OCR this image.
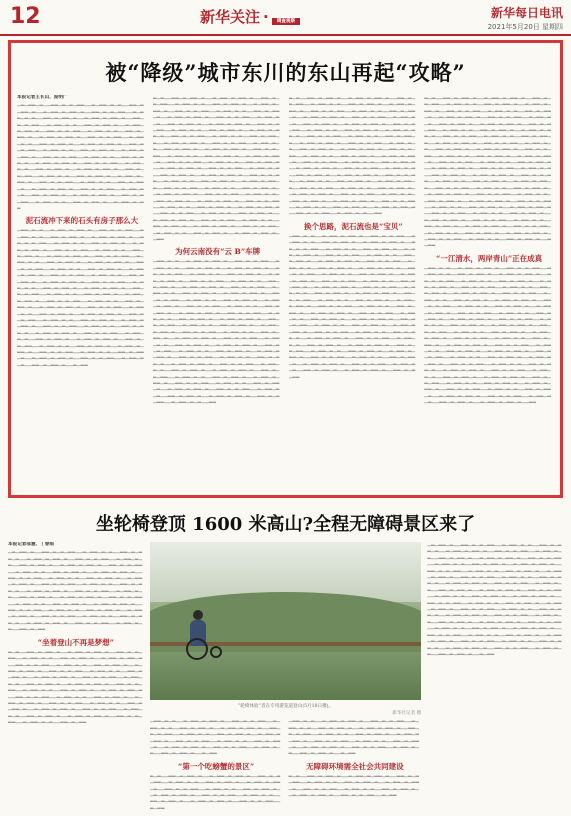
12	新华关注 · 调查观察
新华每日电讯
2021年5月20日 星期四
被“降级”城市东川的东山再起“攻略”

本报记者王长山、庞明广

▁▂▁▂▂▁▂▁▁▂▂▁▂▁▂▁▂▂▁▁▂▁▂▂▁▂▁▂▁▁▂▂▁▂▁▂▂▁▂▁▁▂▁▂▂▁▂▁▂▂▁▂▁▁▂▂▁▂▁▂▁▂▂▁▁▂▁▂▂▁▂▁▂▁▁▂▂▁▂▁▂▂▁▂▁▁▂▁▂▂▁▂▁▂▂▁▂▁▁▂▂▁▂▁▂▁▂▂▁▁▂▁▂▂▁▂▁▂▁▁▂▂▁▂▁▂▂▁▂▁▁▂▁▂▂▁▂▁▂▂▁▂▁▁▂▂▁▂▁▂▁▂▂▁▁▂▁▂▂▁▂▁▂▁▁▂▂▁▂▁▂▂▁▂▁▁▂▁▂▂▁▂▁▂▂▁▂▁▁▂▂▁▂▁▂▁▂▂▁▁▂▁▂▂▁▂▁▂▁▁▂▂▁▂▁▂▂▁▂▁▁▂▁▂▂▁▂▁▂▂▁▂▁▁▂▂▁▂▁▂▁▂▂▁▁▂▁▂▂▁▂▁▂▁▁▂▂▁▂▁▂▂▁▂▁▁▂▁▂▂▁▂▁▂▂▁▂▁▁▂▂▁▂▁▂▁▂▂▁▁▂▁▂▂▁▂▁▂▁▁▂▂▁▂▁▂▂▁▂▁▁▂▁▂▂▁▂▁▂▂▁▂▁▁▂▂▁▂▁▂▁▂▂▁▁▂▁▂▂▁▂▁▂▁▁▂▂▁▂▁▂▂▁▂▁▁▂▁▂▂▁▂▁▂▂▁▂▁▁▂▂▁▂▁▂▁▂▂▁▁▂▁▂▂▁▂▁▂▁▁▂▂▁▂▁▂▂▁▂▁▁▂▁▂▂▁▂▁▂▂▁▂▁▁▂▂▁▂▁▂▁▂▂▁▁▂▁▂▂▁▂▁▂▁▁▂▂▁▂▁▂▂▁▂▁▁▂▁▂▂▁▂▁▂▂▁▂▁▁▂▂▁▂▁▂▁▂▂▁▁▂▁▂▂▁▂▁▂▁▁▂▂▁▂▁▂▂▁▂▁▁▂▁▂▂▁▂▁▂▂▁▂▁▁▂▂▁▂▁▂▁▂▂▁▁▂▁▂▂▁▂▁▂▁▁▂▂▁▂▁▂▂▁▂▁▁▂▁▂▂▁▂▁▂▂

泥石流冲下来的石头有房子那么大

▁▂▂▁▂▁▂▁▁▂▁▂▂▁▂▁▂▂▁▂▁▁▂▂▁▂▁▂▁▂▂▁▁▂▁▂▂▁▂▁▂▁▁▂▂▁▂▁▂▂▁▂▁▁▂▁▂▂▁▂▁▂▂▁▂▁▁▂▂▁▂▁▂▁▂▂▁▁▂▁▂▂▁▂▁▂▁▁▂▂▁▂▁▂▂▁▂▁▁▂▁▂▂▁▂▁▂▂▁▂▁▁▂▂▁▂▁▂▁▂▂▁▁▂▁▂▂▁▂▁▂▁▁▂▂▁▂▁▂▂▁▂▁▁▂▁▂▂▁▂▁▂▂▁▂▁▁▂▂▁▂▁▂▁▂▂▁▁▂▁▂▂▁▂▁▂▁▁▂▂▁▂▁▂▂▁▂▁▁▂▁▂▂▁▂▁▂▂▁▂▁▁▂▂▁▂▁▂▁▂▂▁▁▂▁▂▂▁▂▁▂▁▁▂▂▁▂▁▂▂▁▂▁▁▂▁▂▂▁▂▁▂▂▁▂▁▁▂▂▁▂▁▂▁▂▂▁▁▂▁▂▂▁▂▁▂▁▁▂▂▁▂▁▂▂▁▂▁▁▂▁▂▂▁▂▁▂▂▁▂▁▁▂▂▁▂▁▂▁▂▂▁▁▂▁▂▂▁▂▁▂▁▁▂▂▁▂▁▂▂▁▂▁▁▂▁▂▂▁▂▁▂▂▁▂▁▁▂▂▁▂▁▂▁▂▂▁▁▂▁▂▂▁▂▁▂▁▁▂▂▁▂▁▂▂▁▂▁▁▂▁▂▂▁▂▁▂▂▁▂▁▁▂▂▁▂▁▂▁▂▂▁▁▂▁▂▂▁▂▁▂▁▁▂▂▁▂▁▂▂▁▂▁▁▂▁▂▂▁▂▁▂▂▁▂▁▁▂▂▁▂▁▂▁▂▂▁▁▂▁▂▂▁▂▁▂▁▁▂▂▁▂▁▂▂▁▂▁▁▂▁▂▂▁▂▁▂▂▁▂▁▁▂▂▁▂▁▂▁▂▂▁▁▂▁▂▂▁▂▁▂▁▁▂▂▁▂▁▂▂▁▂▁▁▂▁▂▂▁▂▁▂▂▁▂▁▁▂▂▁▂▁▂▁▂▂▁▁▂▁▂▂▁▂▁▂▁▁▂▂▁▂▁▂▂▁▂▁▁▂▁▂▂▁▂▁▂▂▁▂▁▁▂▂▁▂▁▂▁▂▂▁▁▂▁▂▂▁▂▁▂▁▁▂▂▁▂▁▂▂▁▂▁▁▂▁▂▂▁▂▁▂▂▁▂▁▁▂▂▁▂▁▂▁▂▂▁▁▂▁▂▂▁▂▁▂▁▁▂▂▁▂▁▂▂▁▂▁▁▂▁▂▂▁▂▁▂▂▁▂▁▁▂▂▁▂▁▂▁▂▂▁▁▂▁▂▂▁▂▁▂▁▁▂▂▁▂▁▂▂▁▂▁▁▂▁▂▂▁▂▁▂▂▁▂▁▁▂▂▁▂▁▂▁▂▂▁▁▂▁▂▂▁▂▁▂▁▁▂▂▁▂▁▂▂▁▂▁▁▂▁▂▂

▂▁▂▁▁▂▂▁▂▁▂▂▁▂▁▁▂▁▂▂▁▂▁▂▂▁▂▁▁▂▂▁▂▁▂▁▂▂▁▁▂▁▂▂▁▂▁▂▁▁▂▂▁▂▁▂▂▁▂▁▁▂▁▂▂▁▂▁▂▂▁▂▁▁▂▂▁▂▁▂▁▂▂▁▁▂▁▂▂▁▂▁▂▁▁▂▂▁▂▁▂▂▁▂▁▁▂▁▂▂▁▂▁▂▂▁▂▁▁▂▂▁▂▁▂▁▂▂▁▁▂▁▂▂▁▂▁▂▁▁▂▂▁▂▁▂▂▁▂▁▁▂▁▂▂▁▂▁▂▂▁▂▁▁▂▂▁▂▁▂▁▂▂▁▁▂▁▂▂▁▂▁▂▁▁▂▂▁▂▁▂▂▁▂▁▁▂▁▂▂▁▂▁▂▂▁▂▁▁▂▂▁▂▁▂▁▂▂▁▁▂▁▂▂▁▂▁▂▁▁▂▂▁▂▁▂▂▁▂▁▁▂▁▂▂▁▂▁▂▂▁▂▁▁▂▂▁▂▁▂▁▂▂▁▁▂▁▂▂▁▂▁▂▁▁▂▂▁▂▁▂▂▁▂▁▁▂▁▂▂▁▂▁▂▂▁▂▁▁▂▂▁▂▁▂▁▂▂▁▁▂▁▂▂▁▂▁▂▁▁▂▂▁▂▁▂▂▁▂▁▁▂▁▂▂▁▂▁▂▂▁▂▁▁▂▂▁▂▁▂▁▂▂▁▁▂▁▂▂▁▂▁▂▁▁▂▂▁▂▁▂▂▁▂▁▁▂▁▂▂▁▂▁▂▂▁▂▁▁▂▂▁▂▁▂▁▂▂▁▁▂▁▂▂▁▂▁▂▁▁▂▂▁▂▁▂▂▁▂▁▁▂▁▂▂▁▂▁▂▂▁▂▁▁▂▂▁▂▁▂▁▂▂▁▁▂▁▂▂▁▂▁▂▁▁▂▂▁▂▁▂▂▁▂▁▁▂▁▂▂▁▂▁▂▂▁▂▁▁▂▂▁▂▁▂▁▂▂▁▁▂▁▂▂▁▂▁▂▁▁▂▂▁▂▁▂▂▁▂▁▁▂▁▂▂▁▂▁▂▂▁▂▁▁▂▂▁▂▁▂▁▂▂▁▁▂▁▂▂▁▂▁▂▁▁▂▂▁▂▁▂▂▁▂▁▁▂▁▂▂▁▂▁▂▂▁▂▁▁▂▂▁▂▁▂▁▂▂▁▁▂▁▂▂▁▂▁▂▁▁▂▂▁▂▁▂▂▁▂▁▁▂▁▂▂▁▂▁▂▂▁▂▁▁▂▂▁▂▁▂▁▂▂▁▁▂▁▂▂▁▂▁▂▁▁▂▂▁▂▁▂▂▁▂▁▁▂▁▂▂▁▂▁▂▂▁▂▁▁▂▂▁▂▁▂▁▂▂▁▁▂▁▂▂▁▂▁▂▁▁▂▂▁▂▁▂▂▁▂▁▁▂▁▂▂▁▂▁▂▂▁▂▁▁▂▂▁▂▁▂▁▂▂▁▁▂▁▂▂▁▂▁▂▁▁▂▂▁▂▁▂▂▁▂▁▁▂▁▂▂▁▂▁▂▂▁▂▁▁▂▂

为何云南没有“云 B”车牌

▁▂▂▁▂▁▂▁▁▂▁▂▂▁▂▁▂▂▁▂▁▁▂▂▁▂▁▂▁▂▂▁▁▂▁▂▂▁▂▁▂▁▁▂▂▁▂▁▂▂▁▂▁▁▂▁▂▂▁▂▁▂▂▁▂▁▁▂▂▁▂▁▂▁▂▂▁▁▂▁▂▂▁▂▁▂▁▁▂▂▁▂▁▂▂▁▂▁▁▂▁▂▂▁▂▁▂▂▁▂▁▁▂▂▁▂▁▂▁▂▂▁▁▂▁▂▂▁▂▁▂▁▁▂▂▁▂▁▂▂▁▂▁▁▂▁▂▂▁▂▁▂▂▁▂▁▁▂▂▁▂▁▂▁▂▂▁▁▂▁▂▂▁▂▁▂▁▁▂▂▁▂▁▂▂▁▂▁▁▂▁▂▂▁▂▁▂▂▁▂▁▁▂▂▁▂▁▂▁▂▂▁▁▂▁▂▂▁▂▁▂▁▁▂▂▁▂▁▂▂▁▂▁▁▂▁▂▂▁▂▁▂▂▁▂▁▁▂▂▁▂▁▂▁▂▂▁▁▂▁▂▂▁▂▁▂▁▁▂▂▁▂▁▂▂▁▂▁▁▂▁▂▂▁▂▁▂▂▁▂▁▁▂▂▁▂▁▂▁▂▂▁▁▂▁▂▂▁▂▁▂▁▁▂▂▁▂▁▂▂▁▂▁▁▂▁▂▂▁▂▁▂▂▁▂▁▁▂▂▁▂▁▂▁▂▂▁▁▂▁▂▂▁▂▁▂▁▁▂▂▁▂▁▂▂▁▂▁▁▂▁▂▂▁▂▁▂▂▁▂▁▁▂▂▁▂▁▂▁▂▂▁▁▂▁▂▂▁▂▁▂▁▁▂▂▁▂▁▂▂▁▂▁▁▂▁▂▂▁▂▁▂▂▁▂▁▁▂▂▁▂▁▂▁▂▂▁▁▂▁▂▂▁▂▁▂▁▁▂▂▁▂▁▂▂▁▂▁▁▂▁▂▂▁▂▁▂▂▁▂▁▁▂▂▁▂▁▂▁▂▂▁▁▂▁▂▂▁▂▁▂▁▁▂▂▁▂▁▂▂▁▂▁▁▂▁▂▂▁▂▁▂▂▁▂▁▁▂▂▁▂▁▂▁▂▂▁▁▂▁▂▂▁▂▁▂▁▁▂▂▁▂▁▂▂▁▂▁▁▂▁▂▂▁▂▁▂▂▁▂▁▁▂▂▁▂▁▂▁▂▂▁▁▂▁▂▂▁▂▁▂▁▁▂▂▁▂▁▂▂▁▂▁▁▂▁▂▂▁▂▁▂▂▁▂▁▁▂▂▁▂▁▂▁▂▂▁▁▂▁▂▂▁▂▁▂▁▁▂▂▁▂▁▂▂▁▂▁▁▂▁▂▂▁▂▁▂▂▁▂▁▁▂▂▁▂▁▂▁▂▂▁▁▂▁▂▂▁▂▁▂▁▁▂▂▁▂▁▂▂▁▂▁▁▂▁▂▂▁▂▁▂▂▁▂▁▁▂▂▁▂▁▂▁▂▂▁▁▂▁▂▂▁▂▁▂▁▁▂▂▁▂▁▂▂▁▂▁▁▂▁▂▂▁▂▁▂▂▁▂▁▁▂▂▁▂▁▂▁▂▂▁▁▂▁▂▂▁▂▁▂▁▁▂▂

▂▁▂▁▁▂▂▁▂▁▂▂▁▂▁▁▂▁▂▂▁▂▁▂▂▁▂▁▁▂▂▁▂▁▂▁▂▂▁▁▂▁▂▂▁▂▁▂▁▁▂▂▁▂▁▂▂▁▂▁▁▂▁▂▂▁▂▁▂▂▁▂▁▁▂▂▁▂▁▂▁▂▂▁▁▂▁▂▂▁▂▁▂▁▁▂▂▁▂▁▂▂▁▂▁▁▂▁▂▂▁▂▁▂▂▁▂▁▁▂▂▁▂▁▂▁▂▂▁▁▂▁▂▂▁▂▁▂▁▁▂▂▁▂▁▂▂▁▂▁▁▂▁▂▂▁▂▁▂▂▁▂▁▁▂▂▁▂▁▂▁▂▂▁▁▂▁▂▂▁▂▁▂▁▁▂▂▁▂▁▂▂▁▂▁▁▂▁▂▂▁▂▁▂▂▁▂▁▁▂▂▁▂▁▂▁▂▂▁▁▂▁▂▂▁▂▁▂▁▁▂▂▁▂▁▂▂▁▂▁▁▂▁▂▂▁▂▁▂▂▁▂▁▁▂▂▁▂▁▂▁▂▂▁▁▂▁▂▂▁▂▁▂▁▁▂▂▁▂▁▂▂▁▂▁▁▂▁▂▂▁▂▁▂▂▁▂▁▁▂▂▁▂▁▂▁▂▂▁▁▂▁▂▂▁▂▁▂▁▁▂▂▁▂▁▂▂▁▂▁▁▂▁▂▂▁▂▁▂▂▁▂▁▁▂▂▁▂▁▂▁▂▂▁▁▂▁▂▂▁▂▁▂▁▁▂▂▁▂▁▂▂▁▂▁▁▂▁▂▂▁▂▁▂▂▁▂▁▁▂▂▁▂▁▂▁▂▂▁▁▂▁▂▂▁▂▁▂▁▁▂▂▁▂▁▂▂▁▂▁▁▂▁▂▂▁▂▁▂▂▁▂▁▁▂▂▁▂▁▂▁▂▂▁▁▂▁▂▂▁▂▁▂▁▁▂▂▁▂▁▂▂▁▂▁▁▂▁▂▂▁▂▁▂▂▁▂▁▁▂▂▁▂▁▂▁▂▂▁▁▂▁▂▂▁▂▁▂▁▁▂▂▁▂▁▂▂▁▂▁▁▂▁▂▂▁▂▁▂▂▁▂▁▁▂▂▁▂▁▂▁▂▂▁▁▂▁▂▂▁▂▁▂▁▁▂▂▁▂▁▂▂▁▂▁▁▂▁▂▂▁▂▁▂▂▁▂▁▁▂▂▁▂▁▂▁▂▂▁▁▂▁▂▂▁▂▁▂▁▁▂▂▁▂▁▂▂▁▂▁▁▂▁▂▂▁▂▁▂▂▁▂▁▁▂▂▁▂▁▂▁▂▂▁▁▂▁▂▂▁▂▁▂▁▁▂▂

换个思路，泥石流也是“宝贝”

▁▂▂▁▂▁▂▁▁▂▁▂▂▁▂▁▂▂▁▂▁▁▂▂▁▂▁▂▁▂▂▁▁▂▁▂▂▁▂▁▂▁▁▂▂▁▂▁▂▂▁▂▁▁▂▁▂▂▁▂▁▂▂▁▂▁▁▂▂▁▂▁▂▁▂▂▁▁▂▁▂▂▁▂▁▂▁▁▂▂▁▂▁▂▂▁▂▁▁▂▁▂▂▁▂▁▂▂▁▂▁▁▂▂▁▂▁▂▁▂▂▁▁▂▁▂▂▁▂▁▂▁▁▂▂▁▂▁▂▂▁▂▁▁▂▁▂▂▁▂▁▂▂▁▂▁▁▂▂▁▂▁▂▁▂▂▁▁▂▁▂▂▁▂▁▂▁▁▂▂▁▂▁▂▂▁▂▁▁▂▁▂▂▁▂▁▂▂▁▂▁▁▂▂▁▂▁▂▁▂▂▁▁▂▁▂▂▁▂▁▂▁▁▂▂▁▂▁▂▂▁▂▁▁▂▁▂▂▁▂▁▂▂▁▂▁▁▂▂▁▂▁▂▁▂▂▁▁▂▁▂▂▁▂▁▂▁▁▂▂▁▂▁▂▂▁▂▁▁▂▁▂▂▁▂▁▂▂▁▂▁▁▂▂▁▂▁▂▁▂▂▁▁▂▁▂▂▁▂▁▂▁▁▂▂▁▂▁▂▂▁▂▁▁▂▁▂▂▁▂▁▂▂▁▂▁▁▂▂▁▂▁▂▁▂▂▁▁▂▁▂▂▁▂▁▂▁▁▂▂▁▂▁▂▂▁▂▁▁▂▁▂▂▁▂▁▂▂▁▂▁▁▂▂▁▂▁▂▁▂▂▁▁▂▁▂▂▁▂▁▂▁▁▂▂▁▂▁▂▂▁▂▁▁▂▁▂▂▁▂▁▂▂▁▂▁▁▂▂▁▂▁▂▁▂▂▁▁▂▁▂▂▁▂▁▂▁▁▂▂▁▂▁▂▂▁▂▁▁▂▁▂▂▁▂▁▂▂▁▂▁▁▂▂▁▂▁▂▁▂▂▁▁▂▁▂▂▁▂▁▂▁▁▂▂▁▂▁▂▂▁▂▁▁▂▁▂▂▁▂▁▂▂▁▂▁▁▂▂▁▂▁▂▁▂▂▁▁▂▁▂▂▁▂▁▂▁▁▂▂▁▂▁▂▂▁▂▁▁▂▁▂▂▁▂▁▂▂▁▂▁▁▂▂▁▂▁▂▁▂▂▁▁▂▁▂▂▁▂▁▂▁▁▂▂▁▂▁▂▂▁▂▁▁▂▁▂▂▁▂▁▂▂▁▂▁▁▂▂▁▂▁▂▁▂▂▁▁▂▁▂▂▁▂▁▂▁▁▂▂▁▂▁▂▂▁▂▁▁▂▁▂▂▁▂▁▂▂▁▂▁▁▂▂▁▂▁▂▁▂▂▁▁▂▁▂▂▁▂▁▂▁▁▂▂▁▂▁▂▂▁▂▁▁▂▁▂▂▁▂▁▂▂▁▂▁▁▂▂▁▂▁▂▁▂▂▁▁▂▁▂▂▁▂▁▂▁▁▂▂▁▂▁▂▂▁▂▁▁▂▁▂▂▁▂▁▂▂▁▂▁▁▂▂▁▂▁▂▁▂▂

▂▁▂▁▁▂▂▁▂▁▂▂▁▂▁▁▂▁▂▂▁▂▁▂▂▁▂▁▁▂▂▁▂▁▂▁▂▂▁▁▂▁▂▂▁▂▁▂▁▁▂▂▁▂▁▂▂▁▂▁▁▂▁▂▂▁▂▁▂▂▁▂▁▁▂▂▁▂▁▂▁▂▂▁▁▂▁▂▂▁▂▁▂▁▁▂▂▁▂▁▂▂▁▂▁▁▂▁▂▂▁▂▁▂▂▁▂▁▁▂▂▁▂▁▂▁▂▂▁▁▂▁▂▂▁▂▁▂▁▁▂▂▁▂▁▂▂▁▂▁▁▂▁▂▂▁▂▁▂▂▁▂▁▁▂▂▁▂▁▂▁▂▂▁▁▂▁▂▂▁▂▁▂▁▁▂▂▁▂▁▂▂▁▂▁▁▂▁▂▂▁▂▁▂▂▁▂▁▁▂▂▁▂▁▂▁▂▂▁▁▂▁▂▂▁▂▁▂▁▁▂▂▁▂▁▂▂▁▂▁▁▂▁▂▂▁▂▁▂▂▁▂▁▁▂▂▁▂▁▂▁▂▂▁▁▂▁▂▂▁▂▁▂▁▁▂▂▁▂▁▂▂▁▂▁▁▂▁▂▂▁▂▁▂▂▁▂▁▁▂▂▁▂▁▂▁▂▂▁▁▂▁▂▂▁▂▁▂▁▁▂▂▁▂▁▂▂▁▂▁▁▂▁▂▂▁▂▁▂▂▁▂▁▁▂▂▁▂▁▂▁▂▂▁▁▂▁▂▂▁▂▁▂▁▁▂▂▁▂▁▂▂▁▂▁▁▂▁▂▂▁▂▁▂▂▁▂▁▁▂▂▁▂▁▂▁▂▂▁▁▂▁▂▂▁▂▁▂▁▁▂▂▁▂▁▂▂▁▂▁▁▂▁▂▂▁▂▁▂▂▁▂▁▁▂▂▁▂▁▂▁▂▂▁▁▂▁▂▂▁▂▁▂▁▁▂▂▁▂▁▂▂▁▂▁▁▂▁▂▂▁▂▁▂▂▁▂▁▁▂▂▁▂▁▂▁▂▂▁▁▂▁▂▂▁▂▁▂▁▁▂▂▁▂▁▂▂▁▂▁▁▂▁▂▂▁▂▁▂▂▁▂▁▁▂▂▁▂▁▂▁▂▂▁▁▂▁▂▂▁▂▁▂▁▁▂▂▁▂▁▂▂▁▂▁▁▂▁▂▂▁▂▁▂▂▁▂▁▁▂▂▁▂▁▂▁▂▂▁▁▂▁▂▂▁▂▁▂▁▁▂▂▁▂▁▂▂▁▂▁▁▂▁▂▂▁▂▁▂▂▁▂▁▁▂▂▁▂▁▂▁▂▂▁▁▂▁▂▂▁▂▁▂▁▁▂▂▁▂▁▂▂▁▂▁▁▂▁▂▂▁▂▁▂▂▁▂▁▁▂▂▁▂▁▂▁▂▂▁▁▂▁▂▂▁▂▁▂▁▁▂▂▁▂▁▂▂▁▂▁▁▂▁▂▂▁▂▁▂▂▁▂▁▁▂▂▁▂▁▂▁▂▂▁▁▂▁▂▂▁▂▁▂▁▁▂▂▁▂▁▂▂▁▂▁▁▂▁▂▂▁▂▁▂▂▁▂▁▁▂▂▁▂▁▂▁▂▂▁▁▂▁▂▂▁▂▁▂▁▁▂▂▁▂▁▂▂▁▂▁▁▂▁▂▂

“一江清水，两岸青山”正在成真

▁▂▂▁▂▁▂▁▁▂▁▂▂▁▂▁▂▂▁▂▁▁▂▂▁▂▁▂▁▂▂▁▁▂▁▂▂▁▂▁▂▁▁▂▂▁▂▁▂▂▁▂▁▁▂▁▂▂▁▂▁▂▂▁▂▁▁▂▂▁▂▁▂▁▂▂▁▁▂▁▂▂▁▂▁▂▁▁▂▂▁▂▁▂▂▁▂▁▁▂▁▂▂▁▂▁▂▂▁▂▁▁▂▂▁▂▁▂▁▂▂▁▁▂▁▂▂▁▂▁▂▁▁▂▂▁▂▁▂▂▁▂▁▁▂▁▂▂▁▂▁▂▂▁▂▁▁▂▂▁▂▁▂▁▂▂▁▁▂▁▂▂▁▂▁▂▁▁▂▂▁▂▁▂▂▁▂▁▁▂▁▂▂▁▂▁▂▂▁▂▁▁▂▂▁▂▁▂▁▂▂▁▁▂▁▂▂▁▂▁▂▁▁▂▂▁▂▁▂▂▁▂▁▁▂▁▂▂▁▂▁▂▂▁▂▁▁▂▂▁▂▁▂▁▂▂▁▁▂▁▂▂▁▂▁▂▁▁▂▂▁▂▁▂▂▁▂▁▁▂▁▂▂▁▂▁▂▂▁▂▁▁▂▂▁▂▁▂▁▂▂▁▁▂▁▂▂▁▂▁▂▁▁▂▂▁▂▁▂▂▁▂▁▁▂▁▂▂▁▂▁▂▂▁▂▁▁▂▂▁▂▁▂▁▂▂▁▁▂▁▂▂▁▂▁▂▁▁▂▂▁▂▁▂▂▁▂▁▁▂▁▂▂▁▂▁▂▂▁▂▁▁▂▂▁▂▁▂▁▂▂▁▁▂▁▂▂▁▂▁▂▁▁▂▂▁▂▁▂▂▁▂▁▁▂▁▂▂▁▂▁▂▂▁▂▁▁▂▂▁▂▁▂▁▂▂▁▁▂▁▂▂▁▂▁▂▁▁▂▂▁▂▁▂▂▁▂▁▁▂▁▂▂▁▂▁▂▂▁▂▁▁▂▂▁▂▁▂▁▂▂▁▁▂▁▂▂▁▂▁▂▁▁▂▂▁▂▁▂▂▁▂▁▁▂▁▂▂▁▂▁▂▂▁▂▁▁▂▂▁▂▁▂▁▂▂▁▁▂▁▂▂▁▂▁▂▁▁▂▂▁▂▁▂▂▁▂▁▁▂▁▂▂▁▂▁▂▂▁▂▁▁▂▂▁▂▁▂▁▂▂▁▁▂▁▂▂▁▂▁▂▁▁▂▂▁▂▁▂▂▁▂▁▁▂▁▂▂▁▂▁▂▂▁▂▁▁▂▂▁▂▁▂▁▂▂▁▁▂▁▂▂▁▂▁▂▁▁▂▂▁▂▁▂▂▁▂▁▁▂▁▂▂▁▂▁▂▂▁▂▁▁▂▂▁▂▁▂▁▂▂▁▁▂▁▂▂▁▂▁▂▁▁▂▂▁▂▁▂▂▁▂▁▁▂▁▂▂▁▂▁▂▂▁▂▁▁▂▂▁▂▁▂▁▂▂▁▁▂▁▂▂▁▂▁▂▁▁▂▂▁▂▁▂▂▁▂▁▁▂▁▂▂▁▂▁▂▂▁▂▁▁▂▂

坐轮椅登顶 1600 米高山?全程无障碍景区来了

本报记者邬慧、丁春雨

▁▂▁▂▂▁▂▁▁▂▂▁▂▁▂▁▂▂▁▁▂▁▂▂▁▂▁▂▁▁▂▂▁▂▁▂▂▁▂▁▁▂▁▂▂▁▂▁▂▂▁▂▁▁▂▂▁▂▁▂▁▂▂▁▁▂▁▂▂▁▂▁▂▁▁▂▂▁▂▁▂▂▁▂▁▁▂▁▂▂▁▂▁▂▂▁▂▁▁▂▂▁▂▁▂▁▂▂▁▁▂▁▂▂▁▂▁▂▁▁▂▂▁▂▁▂▂▁▂▁▁▂▁▂▂▁▂▁▂▂▁▂▁▁▂▂▁▂▁▂▁▂▂▁▁▂▁▂▂▁▂▁▂▁▁▂▂▁▂▁▂▂▁▂▁▁▂▁▂▂▁▂▁▂▂▁▂▁▁▂▂▁▂▁▂▁▂▂▁▁▂▁▂▂▁▂▁▂▁▁▂▂▁▂▁▂▂▁▂▁▁▂▁▂▂▁▂▁▂▂▁▂▁▁▂▂▁▂▁▂▁▂▂▁▁▂▁▂▂▁▂▁▂▁▁▂▂▁▂▁▂▂▁▂▁▁▂▁▂▂▁▂▁▂▂▁▂▁▁▂▂▁▂▁▂▁▂▂▁▁▂▁▂▂▁▂▁▂▁▁▂▂▁▂▁▂▂▁▂▁▁▂▁▂▂▁▂▁▂▂▁▂▁▁▂▂▁▂▁▂▁▂▂▁▁▂▁▂▂▁▂▁▂▁▁▂▂▁▂▁▂▂▁▂▁▁▂▁▂▂▁▂▁▂▂▁▂▁▁▂▂▁▂▁▂▁▂▂▁▁▂▁▂▂▁▂▁▂▁▁▂▂▁▂▁▂▂▁▂▁▁▂▁▂▂▁▂▁▂▂▁▂▁▁▂▂▁▂▁▂▁▂▂▁▁▂▁▂▂▁▂▁▂▁▁▂▂▁▂▁▂▂

“坐着登山不再是梦想”

▂▁▂▁▁▂▂▁▂▁▂▂▁▂▁▁▂▁▂▂▁▂▁▂▂▁▂▁▁▂▂▁▂▁▂▁▂▂▁▁▂▁▂▂▁▂▁▂▁▁▂▂▁▂▁▂▂▁▂▁▁▂▁▂▂▁▂▁▂▂▁▂▁▁▂▂▁▂▁▂▁▂▂▁▁▂▁▂▂▁▂▁▂▁▁▂▂▁▂▁▂▂▁▂▁▁▂▁▂▂▁▂▁▂▂▁▂▁▁▂▂▁▂▁▂▁▂▂▁▁▂▁▂▂▁▂▁▂▁▁▂▂▁▂▁▂▂▁▂▁▁▂▁▂▂▁▂▁▂▂▁▂▁▁▂▂▁▂▁▂▁▂▂▁▁▂▁▂▂▁▂▁▂▁▁▂▂▁▂▁▂▂▁▂▁▁▂▁▂▂▁▂▁▂▂▁▂▁▁▂▂▁▂▁▂▁▂▂▁▁▂▁▂▂▁▂▁▂▁▁▂▂▁▂▁▂▂▁▂▁▁▂▁▂▂▁▂▁▂▂▁▂▁▁▂▂▁▂▁▂▁▂▂▁▁▂▁▂▂▁▂▁▂▁▁▂▂▁▂▁▂▂▁▂▁▁▂▁▂▂▁▂▁▂▂▁▂▁▁▂▂▁▂▁▂▁▂▂▁▁▂▁▂▂▁▂▁▂▁▁▂▂▁▂▁▂▂▁▂▁▁▂▁▂▂▁▂▁▂▂▁▂▁▁▂▂▁▂▁▂▁▂▂▁▁▂▁▂▂▁▂▁▂▁▁▂▂▁▂▁▂▂▁▂▁▁▂▁▂▂▁▂▁▂▂▁▂▁▁▂▂▁▂▁▂▁▂▂▁▁▂▁▂▂▁▂▁▂▁▁▂▂▁▂▁▂▂

“轮椅体验”者在专用游览道登山(5月18日摄)。

新华社记者 摄

▁▂▂▁▂▁▂▁▁▂▁▂▂▁▂▁▂▂▁▂▁▁▂▂▁▂▁▂▁▂▂▁▁▂▁▂▂▁▂▁▂▁▁▂▂▁▂▁▂▂▁▂▁▁▂▁▂▂▁▂▁▂▂▁▂▁▁▂▂▁▂▁▂▁▂▂▁▁▂▁▂▂▁▂▁▂▁▁▂▂▁▂▁▂▂▁▂▁▁▂▁▂▂▁▂▁▂▂▁▂▁▁▂▂▁▂▁▂▁▂▂▁▁▂▁▂▂▁▂▁▂▁▁▂▂▁▂▁▂▂▁▂▁▁▂▁▂▂▁▂▁▂▂▁▂▁▁▂▂▁▂▁▂▁▂▂▁▁▂▁▂▂▁▂▁▂▁▁▂▂▁▂▁▂▂▁▂▁▁▂▁▂▂

“第一个吃螃蟹的景区”

▂▁▂▁▁▂▂▁▂▁▂▂▁▂▁▁▂▁▂▂▁▂▁▂▂▁▂▁▁▂▂▁▂▁▂▁▂▂▁▁▂▁▂▂▁▂▁▂▁▁▂▂▁▂▁▂▂▁▂▁▁▂▁▂▂▁▂▁▂▂▁▂▁▁▂▂▁▂▁▂▁▂▂▁▁▂▁▂▂▁▂▁▂▁▁▂▂▁▂▁▂▂▁▂▁▁▂▁▂▂▁▂▁▂▂▁▂▁▁▂▂▁▂▁▂▁▂▂▁▁▂▁▂▂▁▂▁▂▁▁▂▂▁▂▁▂▂▁▂▁▁▂▁▂▂▁▂▁▂▂▁▂▁▁▂▂▁▂▁▂▁▂▂▁▁▂▁▂▂

▁▂▂▁▂▁▂▁▁▂▁▂▂▁▂▁▂▂▁▂▁▁▂▂▁▂▁▂▁▂▂▁▁▂▁▂▂▁▂▁▂▁▁▂▂▁▂▁▂▂▁▂▁▁▂▁▂▂▁▂▁▂▂▁▂▁▁▂▂▁▂▁▂▁▂▂▁▁▂▁▂▂▁▂▁▂▁▁▂▂▁▂▁▂▂▁▂▁▁▂▁▂▂▁▂▁▂▂▁▂▁▁▂▂▁▂▁▂▁▂▂▁▁▂▁▂▂▁▂▁▂▁▁▂▂▁▂▁▂▂▁▂▁▁▂▁▂▂▁▂▁▂▂▁▂▁▁▂▂▁▂▁▂▁▂▂▁▁▂▁▂▂▁▂▁▂▁▁▂▂▁▂▁▂▂▁▂▁▁▂▁▂▂

无障碍环境需全社会共同建设

▂▁▂▁▁▂▂▁▂▁▂▂▁▂▁▁▂▁▂▂▁▂▁▂▂▁▂▁▁▂▂▁▂▁▂▁▂▂▁▁▂▁▂▂▁▂▁▂▁▁▂▂▁▂▁▂▂▁▂▁▁▂▁▂▂▁▂▁▂▂▁▂▁▁▂▂▁▂▁▂▁▂▂▁▁▂▁▂▂▁▂▁▂▁▁▂▂▁▂▁▂▂▁▂▁▁▂▁▂▂▁▂▁▂▂▁▂▁▁▂▂▁▂▁▂▁▂▂▁▁▂▁▂▂

▁▂▁▂▂▁▂▁▁▂▂▁▂▁▂▁▂▂▁▁▂▁▂▂▁▂▁▂▁▁▂▂▁▂▁▂▂▁▂▁▁▂▁▂▂▁▂▁▂▂▁▂▁▁▂▂▁▂▁▂▁▂▂▁▁▂▁▂▂▁▂▁▂▁▁▂▂▁▂▁▂▂▁▂▁▁▂▁▂▂▁▂▁▂▂▁▂▁▁▂▂▁▂▁▂▁▂▂▁▁▂▁▂▂▁▂▁▂▁▁▂▂▁▂▁▂▂▁▂▁▁▂▁▂▂▁▂▁▂▂▁▂▁▁▂▂▁▂▁▂▁▂▂▁▁▂▁▂▂▁▂▁▂▁▁▂▂▁▂▁▂▂▁▂▁▁▂▁▂▂▁▂▁▂▂▁▂▁▁▂▂▁▂▁▂▁▂▂▁▁▂▁▂▂▁▂▁▂▁▁▂▂▁▂▁▂▂▁▂▁▁▂▁▂▂▁▂▁▂▂▁▂▁▁▂▂▁▂▁▂▁▂▂▁▁▂▁▂▂▁▂▁▂▁▁▂▂▁▂▁▂▂▁▂▁▁▂▁▂▂▁▂▁▂▂▁▂▁▁▂▂▁▂▁▂▁▂▂▁▁▂▁▂▂▁▂▁▂▁▁▂▂▁▂▁▂▂▁▂▁▁▂▁▂▂▁▂▁▂▂▁▂▁▁▂▂▁▂▁▂▁▂▂▁▁▂▁▂▂▁▂▁▂▁▁▂▂▁▂▁▂▂▁▂▁▁▂▁▂▂▁▂▁▂▂▁▂▁▁▂▂▁▂▁▂▁▂▂▁▁▂▁▂▂▁▂▁▂▁▁▂▂▁▂▁▂▂▁▂▁▁▂▁▂▂▁▂▁▂▂▁▂▁▁▂▂▁▂▁▂▁▂▂▁▁▂▁▂▂▁▂▁▂▁▁▂▂▁▂▁▂▂▁▂▁▁▂▁▂▂▁▂▁▂▂▁▂▁▁▂▂▁▂▁▂▁▂▂▁▁▂▁▂▂▁▂▁▂▁▁▂▂▁▂▁▂▂▁▂▁▁▂▁▂▂▁▂▁▂▂▁▂▁▁▂▂▁▂▁▂▁▂▂▁▁▂▁▂▂▁▂▁▂▁▁▂▂▁▂▁▂▂▁▂▁▁▂▁▂▂▁▂▁▂▂▁▂▁▁▂▂▁▂▁▂▁▂▂▁▁▂▁▂▂▁▂▁▂▁▁▂▂▁▂▁▂▂▁▂▁▁▂▁▂▂▁▂▁▂▂▁▂▁▁▂▂▁▂▁▂▁▂▂▁▁▂▁▂▂▁▂▁▂▁▁▂▂▁▂▁▂▂▁▂▁▁▂▁▂▂
